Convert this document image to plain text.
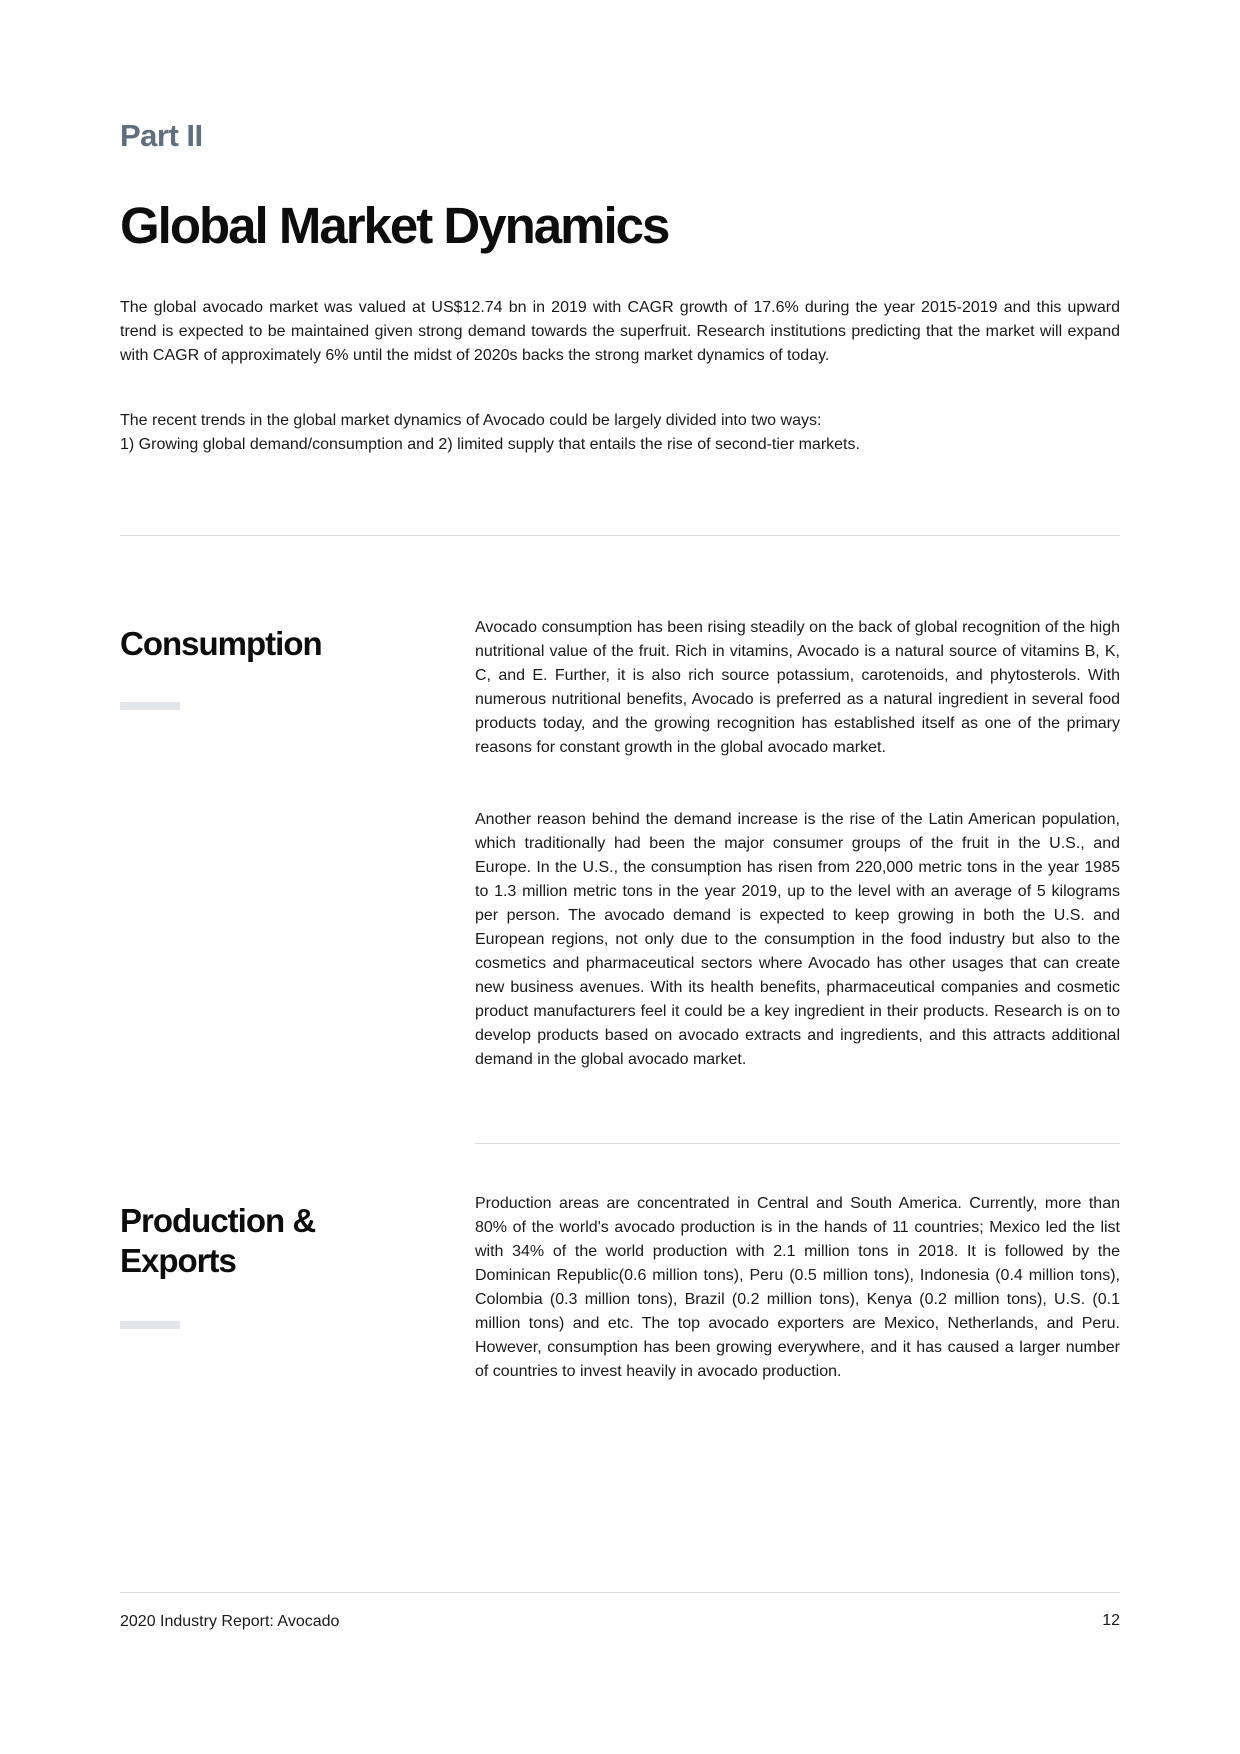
Part II
Global Market Dynamics

The global avocado market was valued at US$12.74 bn in 2019 with CAGR growth of 17.6% during the year 2015-2019 and this upward trend is expected to be maintained given strong demand towards the superfruit. Research institutions predicting that the market will expand with CAGR of approximately 6% until the midst of 2020s backs the strong market dynamics of today.

The recent trends in the global market dynamics of Avocado could be largely divided into two ways:
1) Growing global demand/consumption and 2) limited supply that entails the rise of second-tier markets.

Consumption	Avocado consumption has been rising steadily on the back of global recognition of the high nutritional value of the fruit. Rich in vitamins, Avocado is a natural source of vitamins B, K, C, and E. Further, it is also rich source potassium, carotenoids, and phytosterols. With numerous nutritional benefits, Avocado is preferred as a natural ingredient in several food products today, and the growing recognition has established itself as one of the primary reasons for constant growth in the global avocado market.

Another reason behind the demand increase is the rise of the Latin American population, which traditionally had been the major consumer groups of the fruit in the U.S., and Europe. In the U.S., the consumption has risen from 220,000 metric tons in the year 1985 to 1.3 million metric tons in the year 2019, up to the level with an average of 5 kilograms per person. The avocado demand is expected to keep growing in both the U.S. and European regions, not only due to the consumption in the food industry but also to the cosmetics and pharmaceutical sectors where Avocado has other usages that can create new business avenues. With its health benefits, pharmaceutical companies and cosmetic product manufacturers feel it could be a key ingredient in their products. Research is on to develop products based on avocado extracts and ingredients, and this attracts additional demand in the global avocado market.

Production &
Exports

Production areas are concentrated in Central and South America. Currently, more than 80% of the world's avocado production is in the hands of 11 countries; Mexico led the list with 34% of the world production with 2.1 million tons in 2018. It is followed by the Dominican Republic(0.6 million tons), Peru (0.5 million tons), Indonesia (0.4 million tons), Colombia (0.3 million tons), Brazil (0.2 million tons), Kenya (0.2 million tons), U.S. (0.1 million tons) and etc. The top avocado exporters are Mexico, Netherlands, and Peru. However, consumption has been growing everywhere, and it has caused a larger number of countries to invest heavily in avocado production.

2020 Industry Report: Avocado	12
